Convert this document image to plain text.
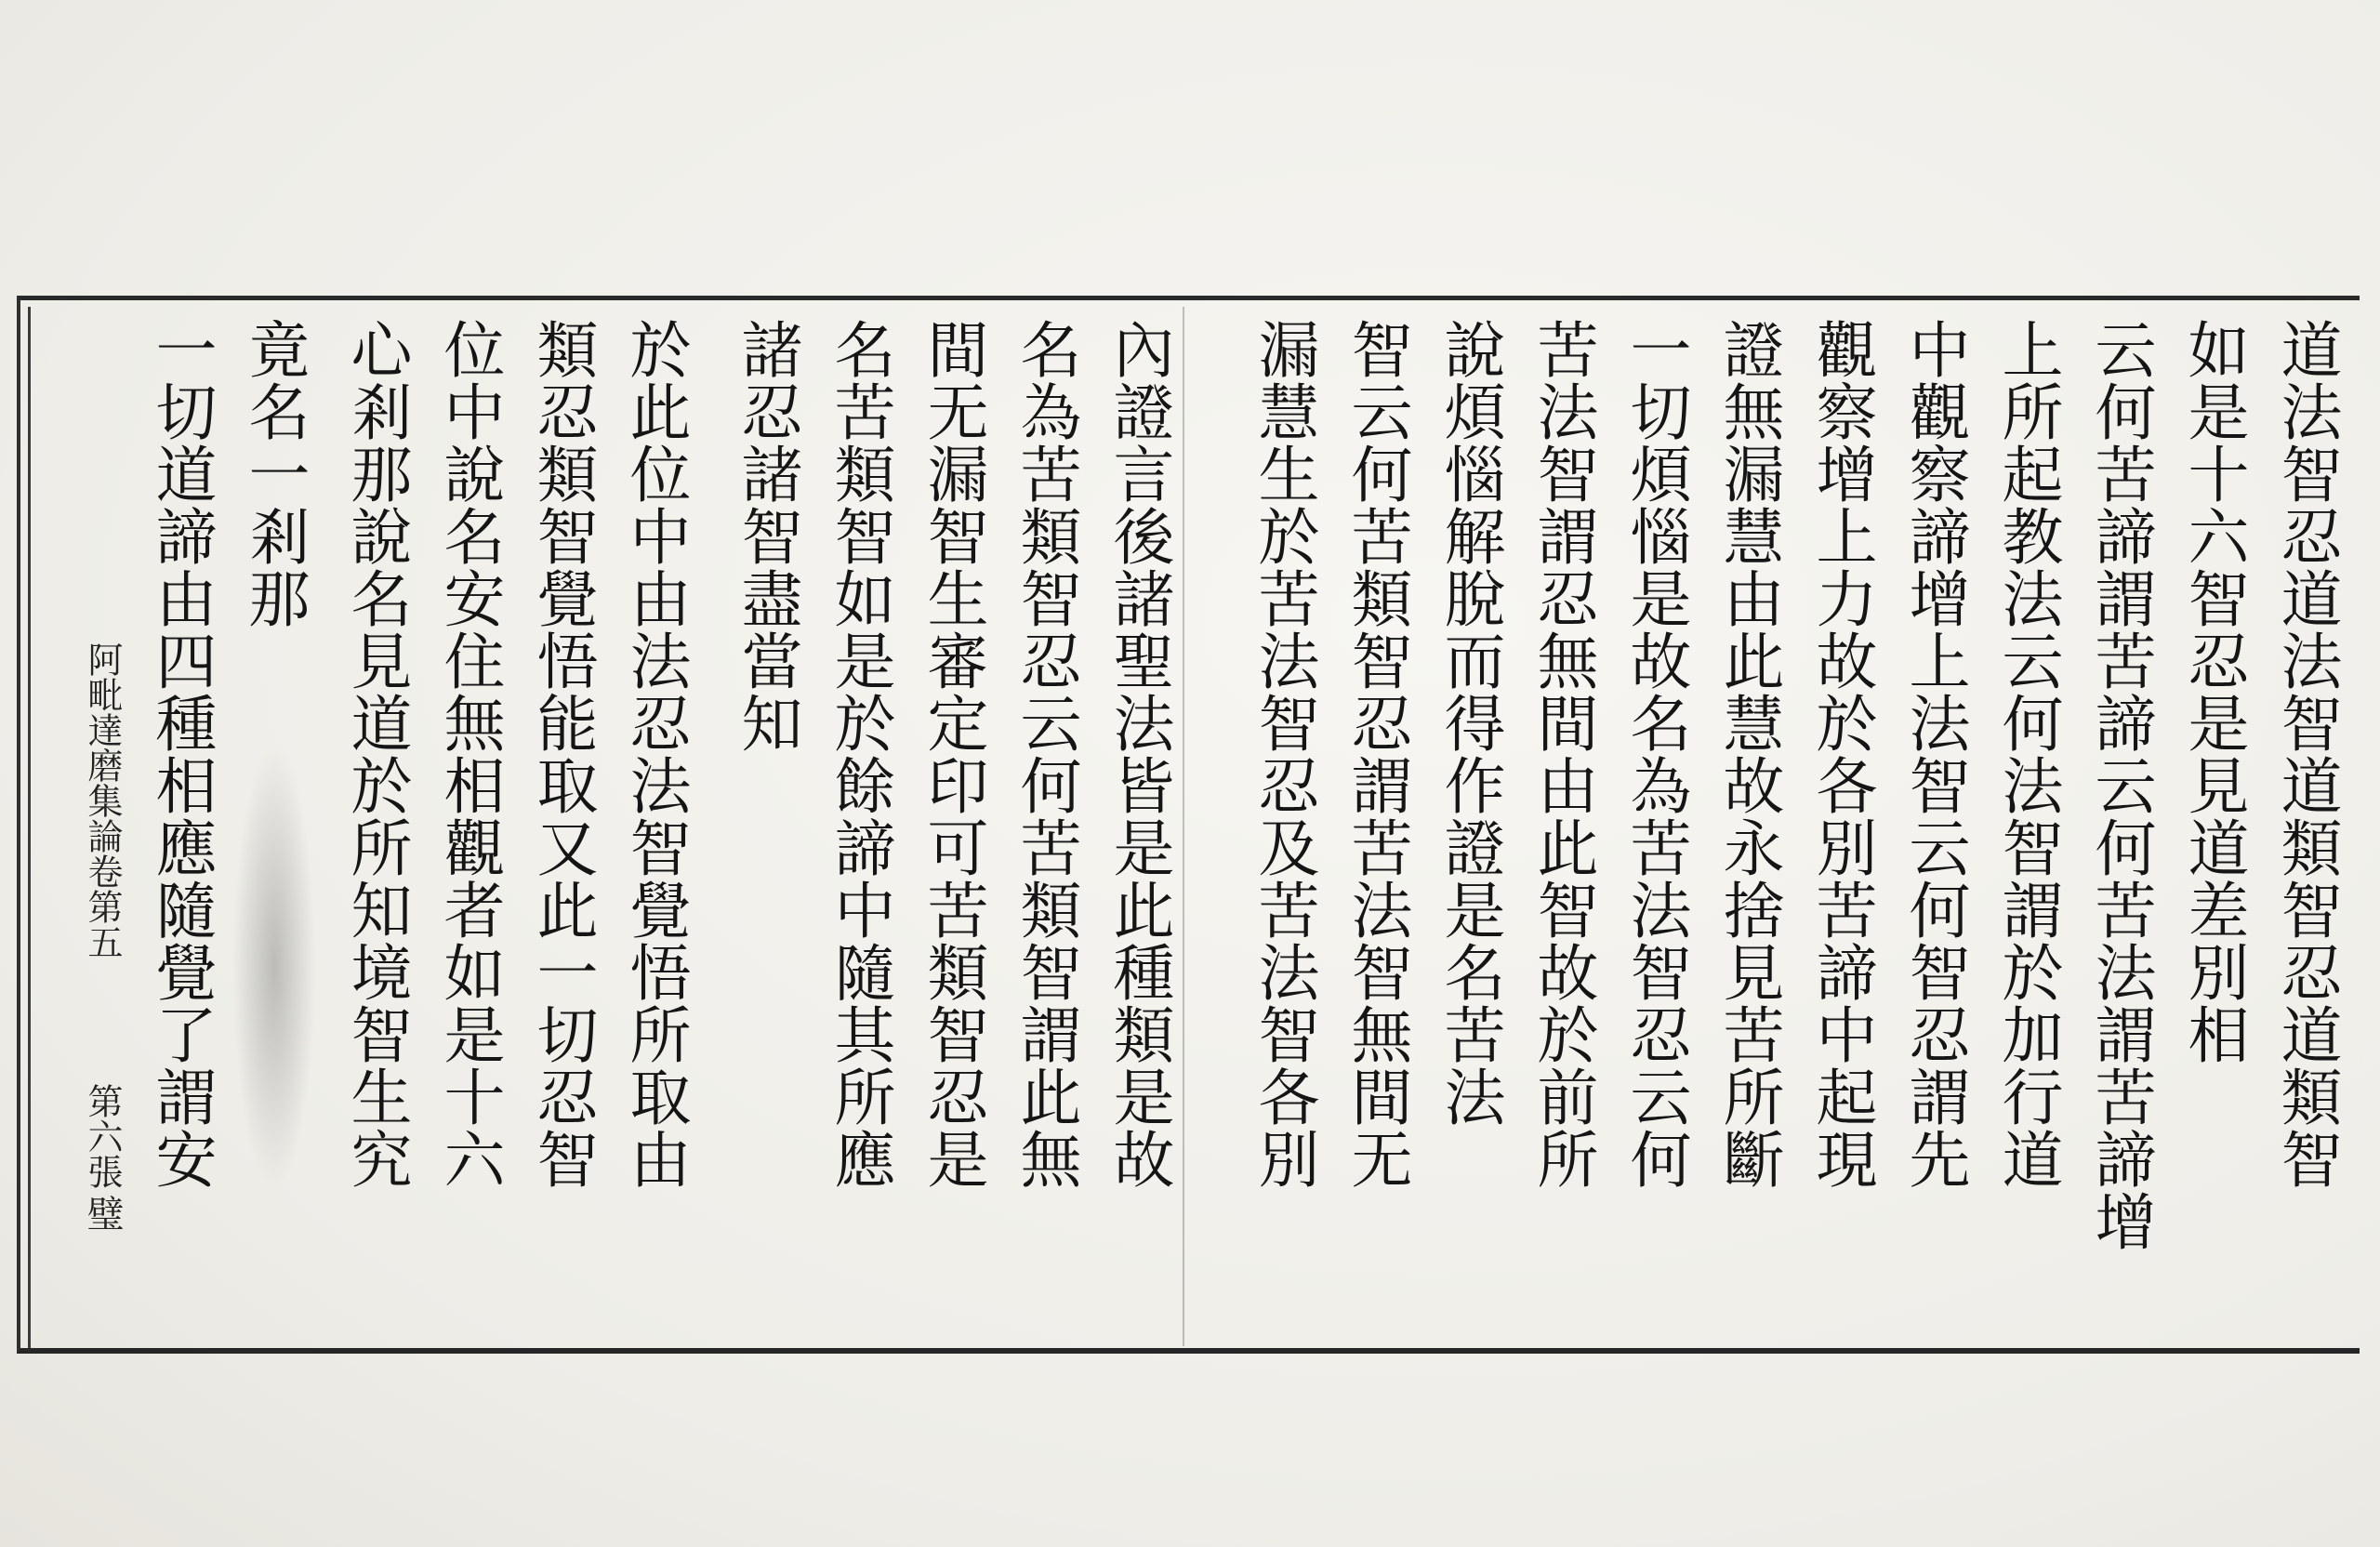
道法智忍道法智道類智忍道類智
如是十六智忍是見道差別相
云何苦諦謂苦諦云何苦法謂苦諦增
上所起教法云何法智謂於加行道
中觀察諦增上法智云何智忍謂先
觀察增上力故於各別苦諦中起現
證無漏慧由此慧故永捨見苦所斷
一切煩惱是故名為苦法智忍云何
苦法智謂忍無間由此智故於前所
說煩惱解脫而得作證是名苦法
智云何苦類智忍謂苦法智無間无
漏慧生於苦法智忍及苦法智各別
內證言後諸聖法皆是此種類是故
名為苦類智忍云何苦類智謂此無
間无漏智生審定印可苦類智忍是
名苦類智如是於餘諦中隨其所應
諸忍諸智盡當知
於此位中由法忍法智覺悟所取由
類忍類智覺悟能取又此一切忍智
位中說名安住無相觀者如是十六
心剎那說名見道於所知境智生究
竟名一剎那
一切道諦由四種相應隨覺了謂安
阿毗達磨集論卷第五
第六張
璧
